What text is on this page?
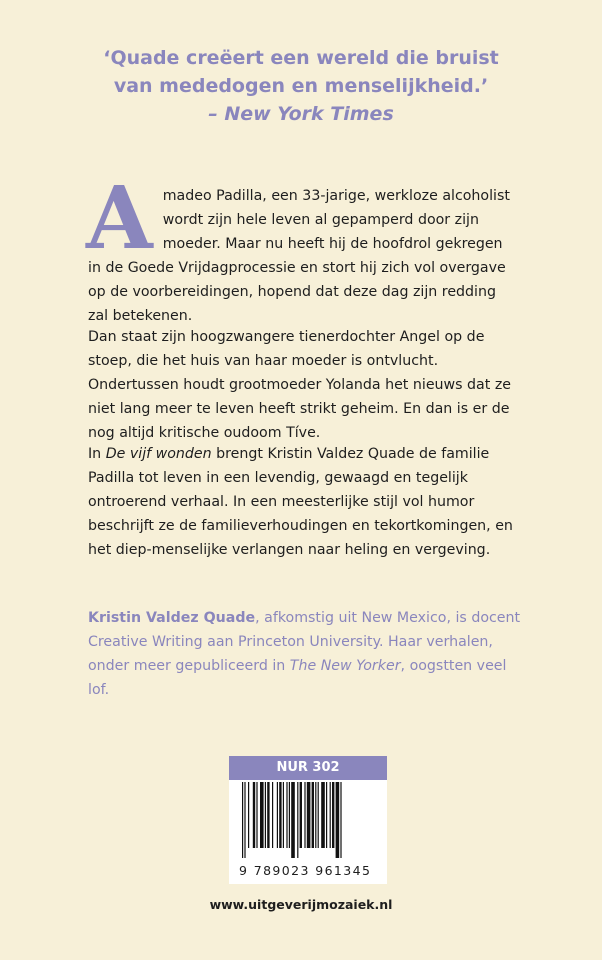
‘Quade creëert een wereld die bruist
van mededogen en menselijkheid.’
– New York Times
Amadeo Padilla, een 33-jarige, werkloze alcoholist wordt zijn hele leven al gepamperd door zijn moeder. Maar nu heeft hij de hoofdrol gekregen in de Goede Vrijdagprocessie en stort hij zich vol overgave op de voorbereidingen, hopend dat deze dag zijn redding zal betekenen.
Dan staat zijn hoogzwangere tienerdochter Angel op de stoep, die het huis van haar moeder is ontvlucht. Ondertussen houdt grootmoeder Yolanda het nieuws dat ze niet lang meer te leven heeft strikt geheim. En dan is er de nog altijd kritische oudoom Tíve.
In De vijf wonden brengt Kristin Valdez Quade de familie Padilla tot leven in een levendig, gewaagd en tegelijk ontroerend verhaal. In een meesterlijke stijl vol humor beschrijft ze de familieverhoudingen en tekortkomingen, en het diep-menselijke verlangen naar heling en vergeving.
Kristin Valdez Quade, afkomstig uit New Mexico, is docent Creative Writing aan Princeton University. Haar verhalen, onder meer gepubliceerd in The New Yorker, oogstten veel lof.
NUR 302
9 789023 961345
www.uitgeverijmozaiek.nl
